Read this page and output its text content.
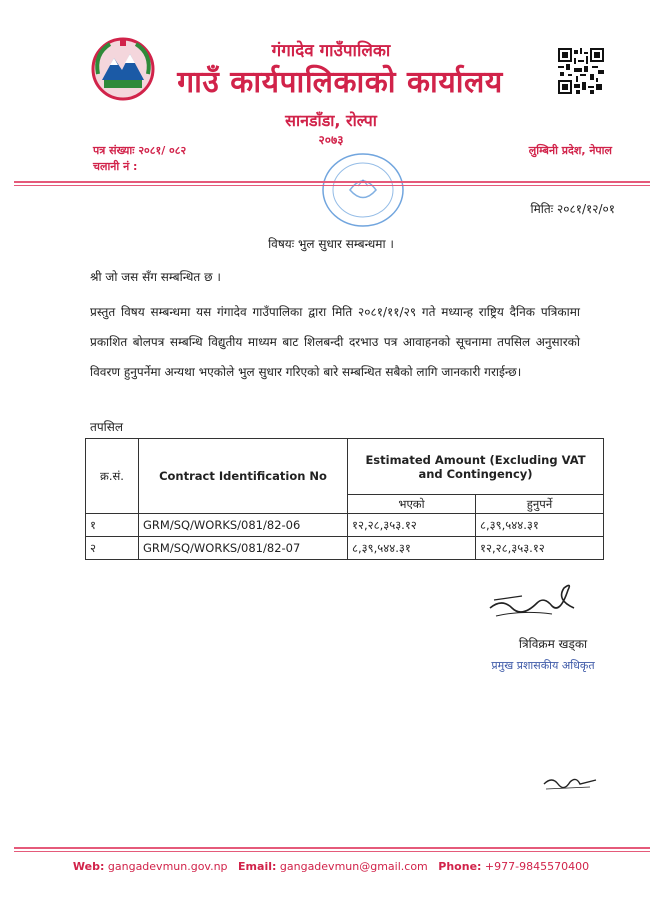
गंगादेव गाउँपालिका
गाउँ कार्यपालिकाको कार्यालय
सानडाँडा, रोल्पा
२०७३
पत्र संख्याः २०८१/ ०८२
चलानी नं :
लुम्बिनी प्रदेश, नेपाल
मितिः २०८१/१२/०१
विषयः भुल सुधार सम्बन्धमा ।
श्री जो जस सँग सम्बन्धित छ ।
प्रस्तुत विषय सम्बन्धमा यस गंगादेव गाउँपालिका द्वारा मिति २०८१/११/२९ गते मध्यान्ह राष्ट्रिय दैनिक पत्रिकामा प्रकाशित बोलपत्र सम्बन्धि विद्युतीय माध्यम बाट शिलबन्दी दरभाउ पत्र आवाहनको सूचनामा तपसिल अनुसारको विवरण हुनुपर्नेमा अन्यथा भएकोले भुल सुधार गरिएको बारे सम्बन्धित सबैको लागि जानकारी गराईन्छ।
तपसिल
क्र.सं.	Contract Identification No	Estimated Amount (Excluding VAT and Contingency)	
		भएको	हुनुपर्ने
१	GRM/SQ/WORKS/081/82-06	१२,२८,३५३.१२	८,३९,५४४.३१
२	GRM/SQ/WORKS/081/82-07	८,३९,५४४.३१	१२,२८,३५३.१२
त्रिविक्रम खड्का
प्रमुख प्रशासकीय अधिकृत
Web: gangadevmun.gov.np Email: gangadevmun@gmail.com Phone: +977-9845570400
